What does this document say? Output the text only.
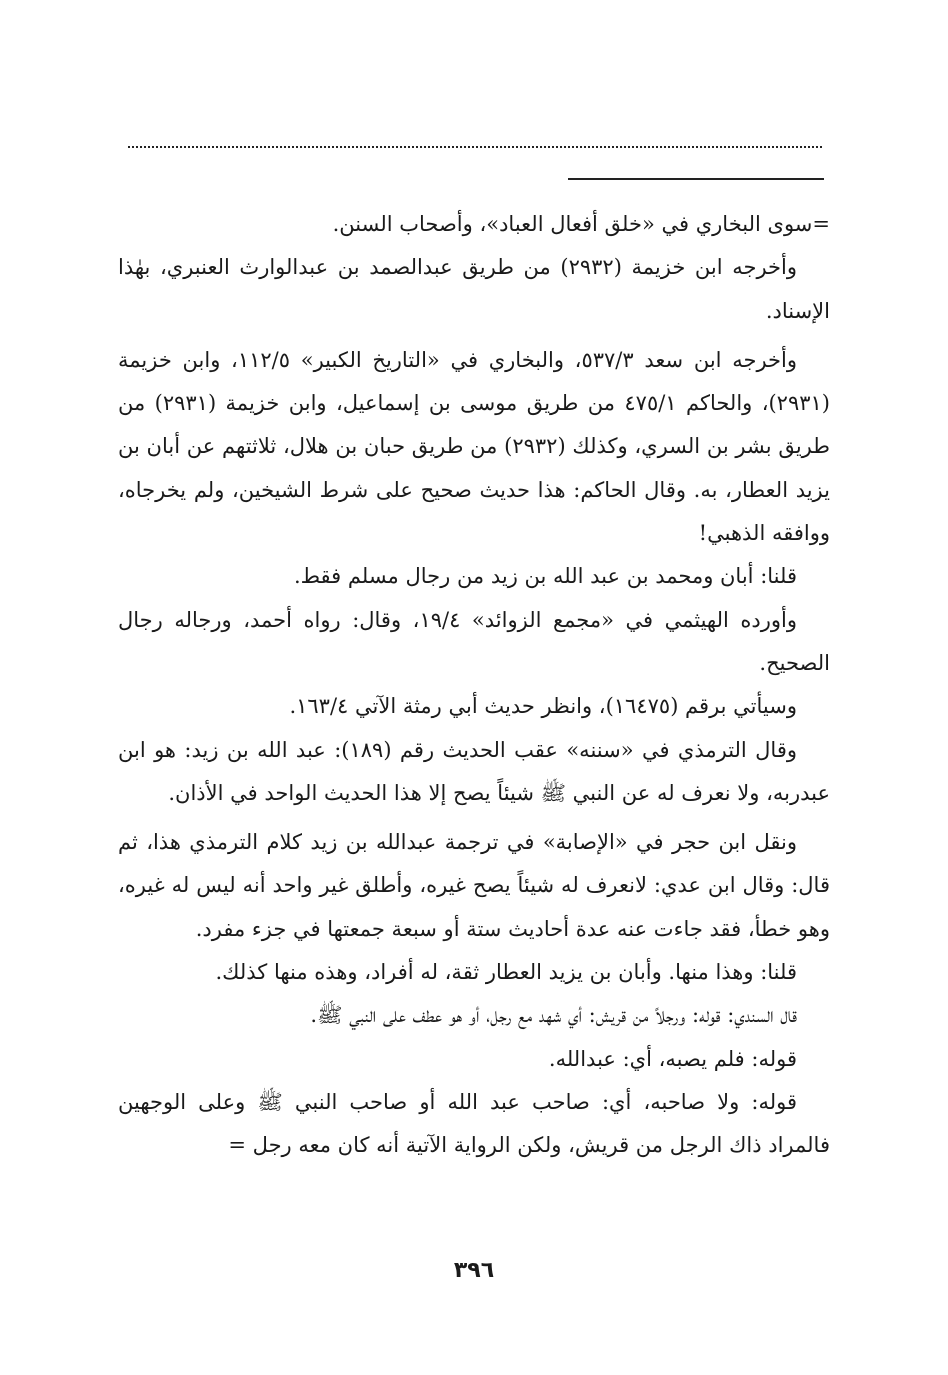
=سوى البخاري في «خلق أفعال العباد»، وأصحاب السنن.

وأخرجه ابن خزيمة (٢٩٣٢) من طريق عبدالصمد بن عبدالوارث العنبري، بهٰذا الإسناد.

وأخرجه ابن سعد ٥٣٧/٣، والبخاري في «التاريخ الكبير» ١١٢/٥، وابن خزيمة (٢٩٣١)، والحاكم ٤٧٥/١ من طريق موسى بن إسماعيل، وابن خزيمة (٢٩٣١) من طريق بشر بن السري، وكذلك (٢٩٣٢) من طريق حبان بن هلال، ثلاثتهم عن أبان بن يزيد العطار، به. وقال الحاكم: هذا حديث صحيح على شرط الشيخين، ولم يخرجاه، ووافقه الذهبي!

قلنا: أبان ومحمد بن عبد الله بن زيد من رجال مسلم فقط.

وأورده الهيثمي في «مجمع الزوائد» ١٩/٤، وقال: رواه أحمد، ورجاله رجال الصحيح.

وسيأتي برقم (١٦٤٧٥)، وانظر حديث أبي رمثة الآتي ١٦٣/٤.

وقال الترمذي في «سننه» عقب الحديث رقم (١٨٩): عبد الله بن زيد: هو ابن عبدربه، ولا نعرف له عن النبي ﷺ شيئاً يصح إلا هذا الحديث الواحد في الأذان.

ونقل ابن حجر في «الإصابة» في ترجمة عبدالله بن زيد كلام الترمذي هذا، ثم قال: وقال ابن عدي: لانعرف له شيئاً يصح غيره، وأطلق غير واحد أنه ليس له غيره، وهو خطأ، فقد جاءت عنه عدة أحاديث ستة أو سبعة جمعتها في جزء مفرد.

قلنا: وهذا منها. وأبان بن يزيد العطار ثقة، له أفراد، وهذه منها كذلك.

قال السندي: قوله: ورجلاً من قريش: أي شهد مع رجل، أو هو عطف على النبي ﷺ.

قوله: فلم يصبه، أي: عبدالله.

قوله: ولا صاحبه، أي: صاحب عبد الله أو صاحب النبي ﷺ وعلى الوجهين فالمراد ذاك الرجل من قريش، ولكن الرواية الآتية أنه كان معه رجل =

٣٩٦
